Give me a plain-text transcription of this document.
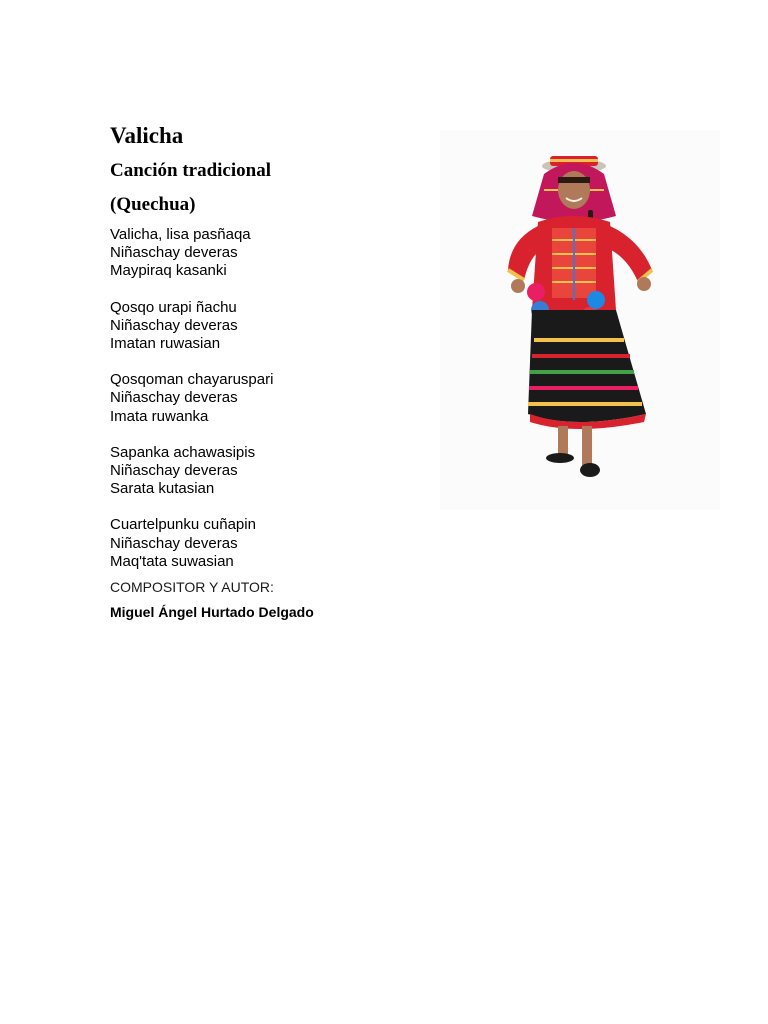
Valicha
Canción tradicional
(Quechua)

Valicha, lisa pasñaqa
Niñaschay deveras
Maypiraq kasanki

Qosqo urapi ñachu
Niñaschay deveras
Imatan ruwasian

Qosqoman chayaruspari
Niñaschay deveras
Imata ruwanka

Sapanka achawasipis
Niñaschay deveras
Sarata kutasian

Cuartelpunku cuñapin
Niñaschay deveras
Maq'tata suwasian

COMPOSITOR Y AUTOR:
Miguel Ángel Hurtado Delgado
